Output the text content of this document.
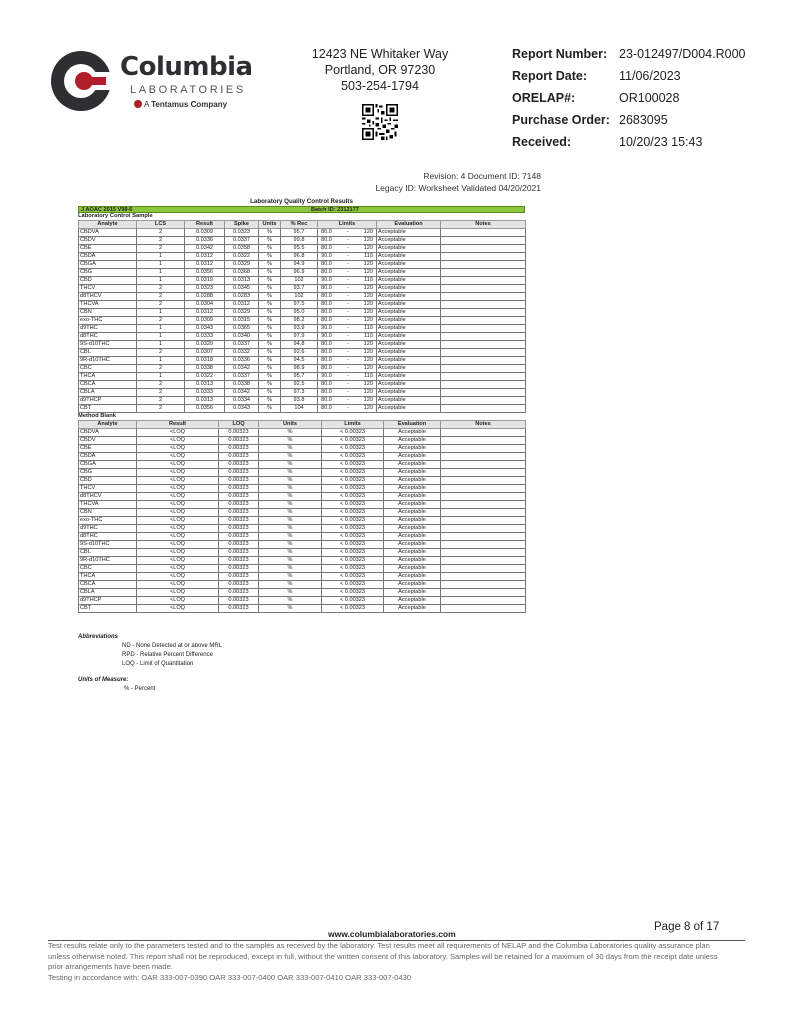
Columbia
LABORATORIES
A Tentamus Company
12423 NE Whitaker Way
Portland, OR 97230
503-254-1794
Report Number: 23-012497/D004.R000
Report Date:	11/06/2023
ORELAP#:	OR100028
Purchase Order: 2683095
Received:	10/20/23 15:43
Revision: 4 Document ID: 7148
Legacy ID: Worksheet Validated 04/20/2021
Laboratory Quality Control Results
J AOAC 2015 V98-6	Batch ID: 2312177
Laboratory Control Sample
Analyte	LCS	Result	Spike	Units	% Rec	Limits	Evaluation	Notes
CBDVA	2	0.0309	0.0323	%	95.7	80.0 - 120	Acceptable	
CBDV	2	0.0336	0.0337	%	99.8	80.0 - 120	Acceptable	
CBE	2	0.0342	0.0358	%	95.5	80.0 - 120	Acceptable	
CBDA	1	0.0312	0.0322	%	96.8	90.0 - 110	Acceptable	
CBGA	1	0.0312	0.0329	%	94.9	80.0 - 120	Acceptable	
CBG	1	0.0356	0.0368	%	96.9	80.0 - 120	Acceptable	
CBD	1	0.0319	0.0313	%	102	90.0 - 110	Acceptable	
THCV	2	0.0323	0.0345	%	93.7	80.0 - 120	Acceptable	
d8THCV	2	0.0288	0.0283	%	102	80.0 - 120	Acceptable	
THCVA	2	0.0304	0.0312	%	97.5	80.0 - 120	Acceptable	
CBN	1	0.0312	0.0329	%	95.0	80.0 - 120	Acceptable	
exo-THC	2	0.0309	0.0315	%	98.2	80.0 - 120	Acceptable	
d9THC	1	0.0343	0.0365	%	93.9	90.0 - 110	Acceptable	
d8THC	1	0.0333	0.0340	%	97.9	90.0 - 110	Acceptable	
9S-d10THC	1	0.0320	0.0337	%	94.8	80.0 - 120	Acceptable	
CBL	2	0.0307	0.0332	%	92.6	80.0 - 120	Acceptable	
9R-d10THC	1	0.0318	0.0336	%	94.5	80.0 - 120	Acceptable	
CBC	2	0.0338	0.0342	%	98.9	80.0 - 120	Acceptable	
THCA	1	0.0322	0.0337	%	95.7	90.0 - 110	Acceptable	
CBCA	2	0.0313	0.0338	%	92.5	80.0 - 120	Acceptable	
CBLA	2	0.0333	0.0342	%	97.3	80.0 - 120	Acceptable	
d9THCP	2	0.0313	0.0334	%	93.8	80.0 - 120	Acceptable	
CBT	2	0.0356	0.0343	%	104	80.0 - 120	Acceptable	
Method Blank
Analyte	Result	LOQ	Units	Limits	Evaluation	Notes
CBDVA	<LOQ	0.00323	%	< 0.00323	Acceptable	
CBDV	<LOQ	0.00323	%	< 0.00323	Acceptable	
CBE	<LOQ	0.00323	%	< 0.00323	Acceptable	
CBDA	<LOQ	0.00323	%	< 0.00323	Acceptable	
CBGA	<LOQ	0.00323	%	< 0.00323	Acceptable	
CBG	<LOQ	0.00323	%	< 0.00323	Acceptable	
CBD	<LOQ	0.00323	%	< 0.00323	Acceptable	
THCV	<LOQ	0.00323	%	< 0.00323	Acceptable	
d8THCV	<LOQ	0.00323	%	< 0.00323	Acceptable	
THCVA	<LOQ	0.00323	%	< 0.00323	Acceptable	
CBN	<LOQ	0.00323	%	< 0.00323	Acceptable	
exo-THC	<LOQ	0.00323	%	< 0.00323	Acceptable	
d9THC	<LOQ	0.00323	%	< 0.00323	Acceptable	
d8THC	<LOQ	0.00323	%	< 0.00323	Acceptable	
9S-d10THC	<LOQ	0.00323	%	< 0.00323	Acceptable	
CBL	<LOQ	0.00323	%	< 0.00323	Acceptable	
9R-d10THC	<LOQ	0.00323	%	< 0.00323	Acceptable	
CBC	<LOQ	0.00323	%	< 0.00323	Acceptable	
THCA	<LOQ	0.00323	%	< 0.00323	Acceptable	
CBCA	<LOQ	0.00323	%	< 0.00323	Acceptable	
CBLA	<LOQ	0.00323	%	< 0.00323	Acceptable	
d9THCP	<LOQ	0.00323	%	< 0.00323	Acceptable	
CBT	<LOQ	0.00323	%	< 0.00323	Acceptable	
Abbreviations
ND - None Detected at or above MRL
RPD - Relative Percent Difference
LOQ - Limit of Quantitation
Units of Measure:
% - Percent
Page 8 of 17
www.columbialaboratories.com
Test results relate only to the parameters tested and to the samples as received by the laboratory. Test results meet all requirements of NELAP and the Columbia Laboratories quality assurance plan
unless otherwise noted. This report shall not be reproduced, except in full, without the written consent of this laboratory. Samples will be retained for a maximum of 30 days from the receipt date unless
prior arrangements have been made.
Testing in accordance with: OAR 333-007-0390 OAR 333-007-0400 OAR 333-007-0410 OAR 333-007-0430
